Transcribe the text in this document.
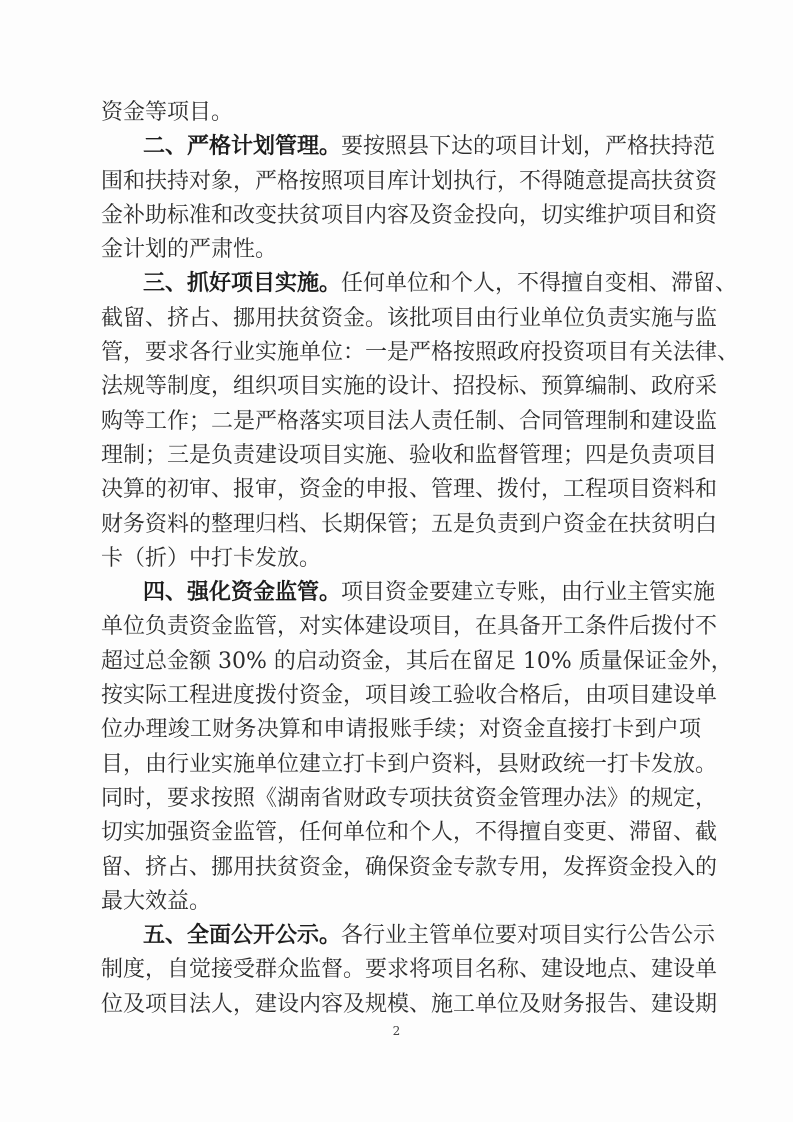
资金等项目。
二、严格计划管理。要按照县下达的项目计划，严格扶持范
围和扶持对象，严格按照项目库计划执行，不得随意提高扶贫资
金补助标准和改变扶贫项目内容及资金投向，切实维护项目和资
金计划的严肃性。
三、抓好项目实施。任何单位和个人，不得擅自变相、滞留、
截留、挤占、挪用扶贫资金。该批项目由行业单位负责实施与监
管，要求各行业实施单位：一是严格按照政府投资项目有关法律、
法规等制度，组织项目实施的设计、招投标、预算编制、政府采
购等工作；二是严格落实项目法人责任制、合同管理制和建设监
理制；三是负责建设项目实施、验收和监督管理；四是负责项目
决算的初审、报审，资金的申报、管理、拨付，工程项目资料和
财务资料的整理归档、长期保管；五是负责到户资金在扶贫明白
卡（折）中打卡发放。
四、强化资金监管。项目资金要建立专账，由行业主管实施
单位负责资金监管，对实体建设项目，在具备开工条件后拨付不
超过总金额 30% 的启动资金，其后在留足 10% 质量保证金外，
按实际工程进度拨付资金，项目竣工验收合格后，由项目建设单
位办理竣工财务决算和申请报账手续；对资金直接打卡到户项
目，由行业实施单位建立打卡到户资料，县财政统一打卡发放。
同时，要求按照《湖南省财政专项扶贫资金管理办法》的规定，
切实加强资金监管，任何单位和个人，不得擅自变更、滞留、截
留、挤占、挪用扶贫资金，确保资金专款专用，发挥资金投入的
最大效益。
五、全面公开公示。各行业主管单位要对项目实行公告公示
制度，自觉接受群众监督。要求将项目名称、建设地点、建设单
位及项目法人，建设内容及规模、施工单位及财务报告、建设期
2
